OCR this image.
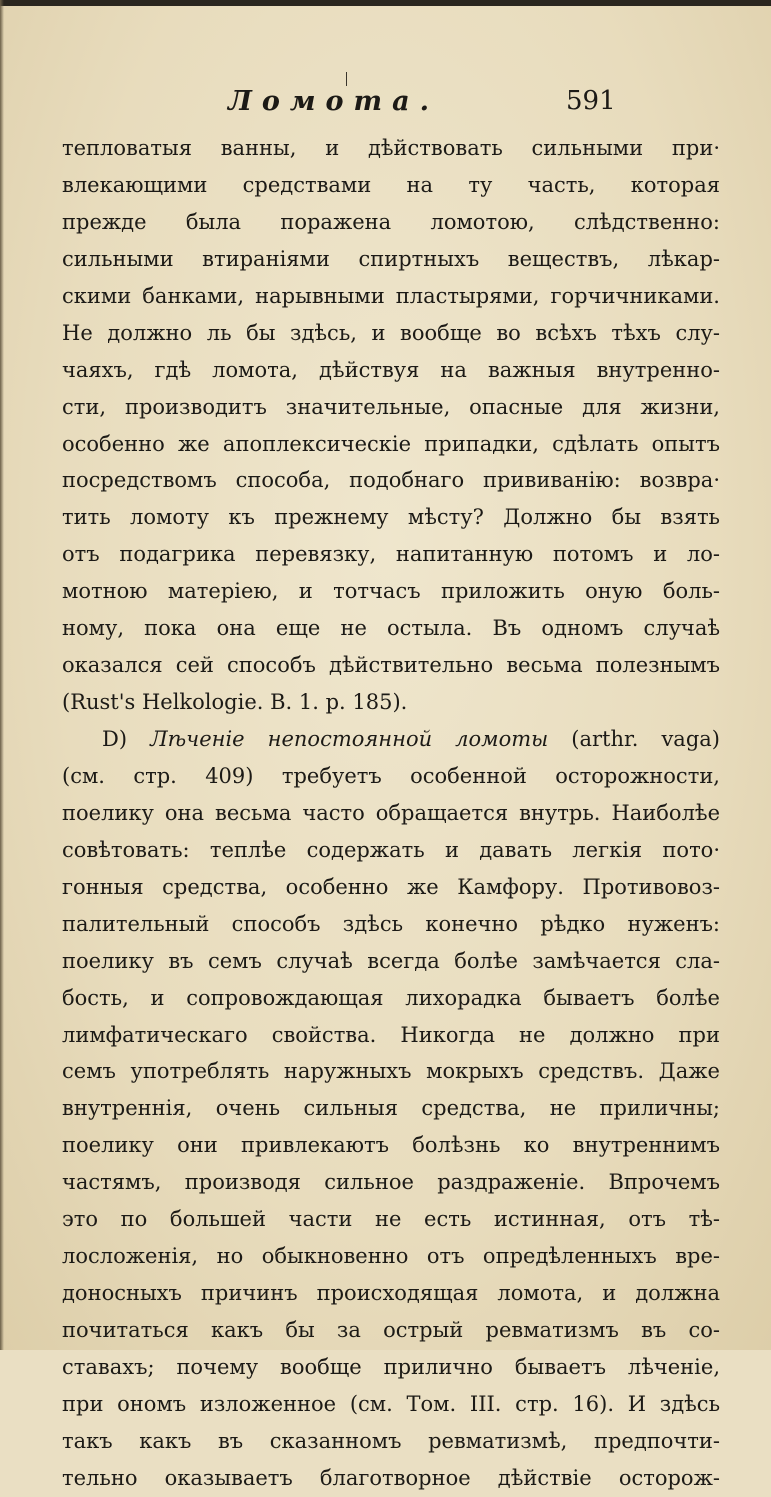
Ломота.	591
тепловатыя ванны, и дѣйствовать сильными при·
влекающими средствами на ту часть, которая
прежде была поражена ломотою, слѣдственно:
сильными втираніями спиртныхъ веществъ, лѣкар-
скими банками, нарывными пластырями, горчичниками.
Не должно ль бы здѣсь, и вообще во всѣхъ тѣхъ слу-
чаяхъ, гдѣ ломота, дѣйствуя на важныя внутренно-
сти, производитъ значительные, опасные для жизни,
особенно же апоплексическіе припадки, сдѣлать опытъ
посредствомъ способа, подобнаго прививанію: возвра·
тить ломоту къ прежнему мѣсту? Должно бы взять
отъ подагрика перевязку, напитанную потомъ и ло-
мотною матеріею, и тотчасъ приложить оную боль-
ному, пока она еще не остыла. Въ одномъ случаѣ
оказался сей способъ дѣйствительно весьма полезнымъ
(Rust's Helkologie. B. 1. p. 185).
D) Лѣченіе непостоянной ломоты (arthr. vaga)
(см. стр. 409) требуетъ особенной осторожности,
поелику она весьма часто обращается внутрь. Наиболѣе
совѣтовать: теплѣе содержать и давать легкія пото·
гонныя средства, особенно же Камфору. Противовоз-
палительный способъ здѣсь конечно рѣдко нуженъ:
поелику въ семъ случаѣ всегда болѣе замѣчается сла-
бость, и сопровождающая лихорадка бываетъ болѣе
лимфатическаго свойства. Никогда не должно при
семъ употреблять наружныхъ мокрыхъ средствъ. Даже
внутреннія, очень сильныя средства, не приличны;
поелику они привлекаютъ болѣзнь ко внутреннимъ
частямъ, производя сильное раздраженіе. Впрочемъ
это по большей части не есть истинная, отъ тѣ-
лосложенія, но обыкновенно отъ опредѣленныхъ вре-
доносныхъ причинъ происходящая ломота, и должна
почитаться какъ бы за острый ревматизмъ въ со-
ставахъ; почему вообще прилично бываетъ лѣченіе,
при ономъ изложенное (см. Том. III. стр. 16). И здѣсь
такъ какъ въ сказанномъ ревматизмѣ, предпочти-
тельно оказываетъ благотворное дѣйствіе осторож-
